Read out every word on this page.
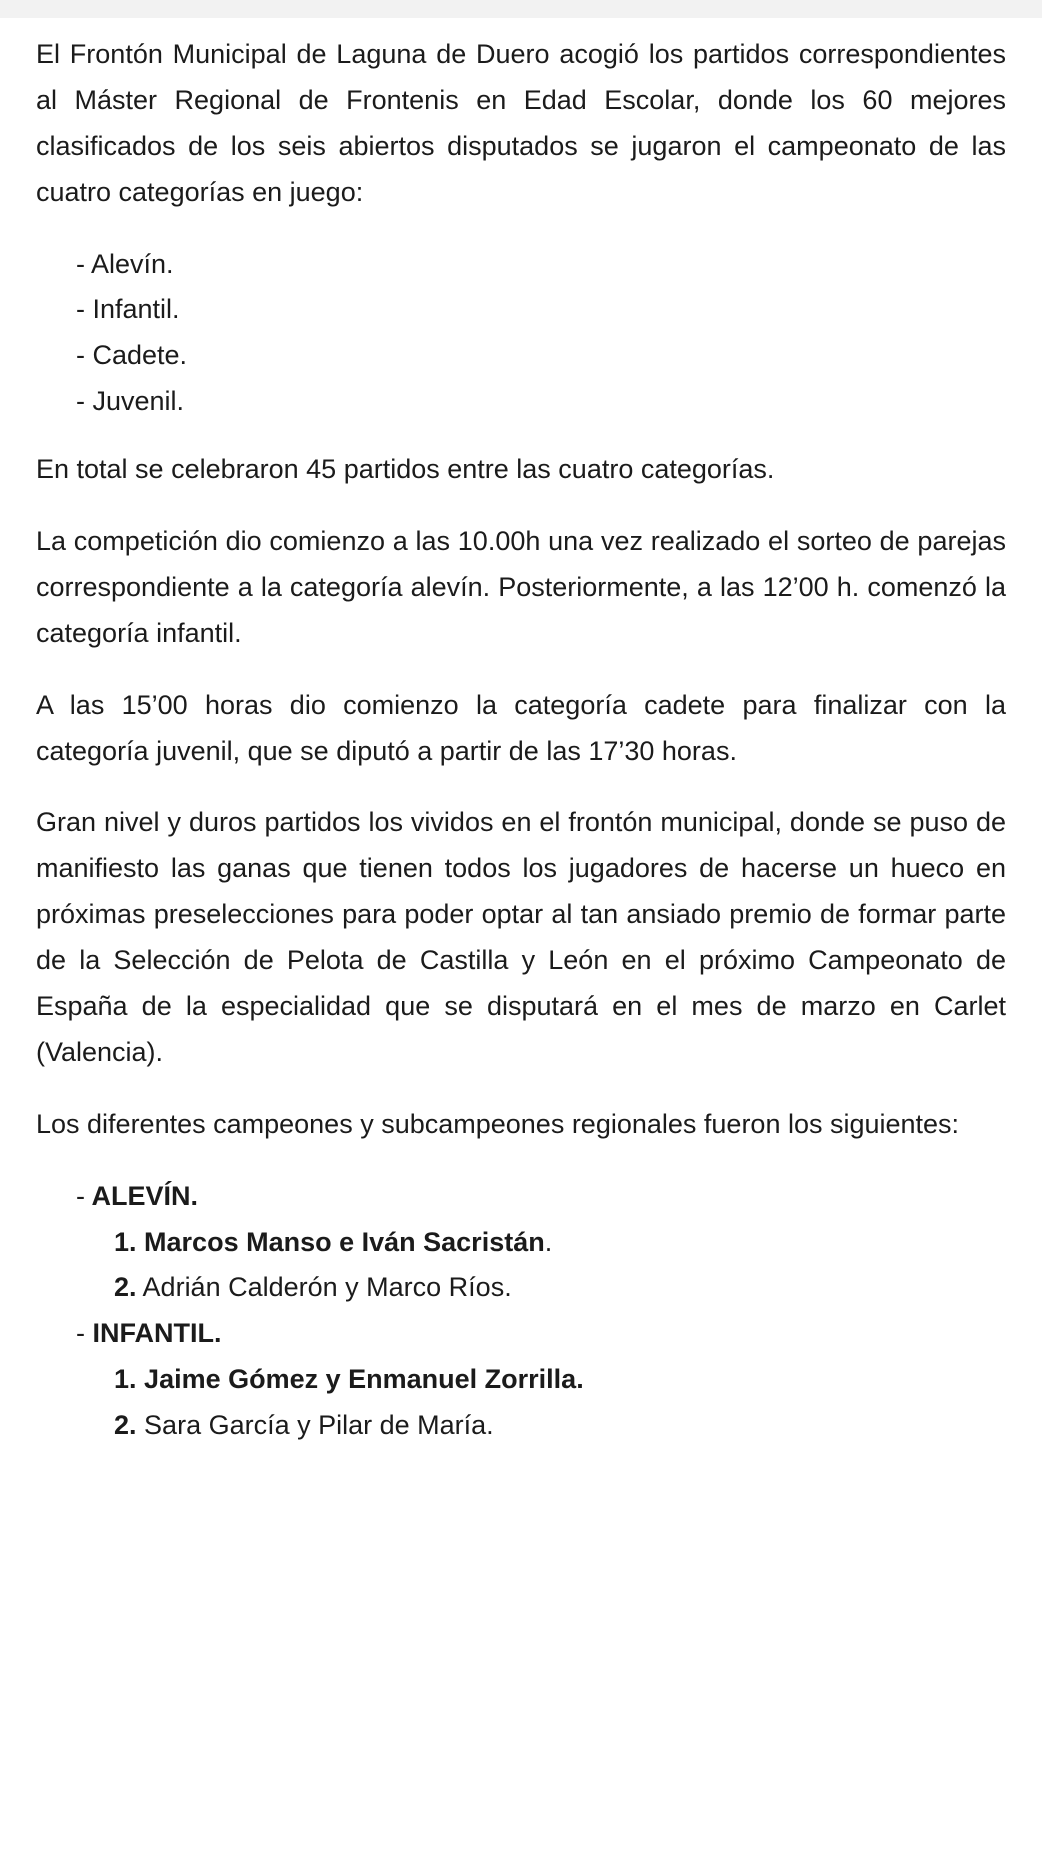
El Frontón Municipal de Laguna de Duero acogió los partidos correspondientes al Máster Regional de Frontenis en Edad Escolar, donde los 60 mejores clasificados de los seis abiertos disputados se jugaron el campeonato de las cuatro categorías en juego:

- Alevín.
- Infantil.
- Cadete.
- Juvenil.

En total se celebraron 45 partidos entre las cuatro categorías.

La competición dio comienzo a las 10.00h una vez realizado el sorteo de parejas correspondiente a la categoría alevín. Posteriormente, a las 12’00 h. comenzó la categoría infantil.

A las 15’00 horas dio comienzo la categoría cadete para finalizar con la categoría juvenil, que se diputó a partir de las 17’30 horas.

Gran nivel y duros partidos los vividos en el frontón municipal, donde se puso de manifiesto las ganas que tienen todos los jugadores de hacerse un hueco en próximas preselecciones para poder optar al tan ansiado premio de formar parte de la Selección de Pelota de Castilla y León en el próximo Campeonato de España de la especialidad que se disputará en el mes de marzo en Carlet (Valencia).

Los diferentes campeones y subcampeones regionales fueron los siguientes:

- ALEVÍN.
1. Marcos Manso e Iván Sacristán.
2. Adrián Calderón y Marco Ríos.
- INFANTIL.
1. Jaime Gómez y Enmanuel Zorrilla.
2. Sara García y Pilar de María.
